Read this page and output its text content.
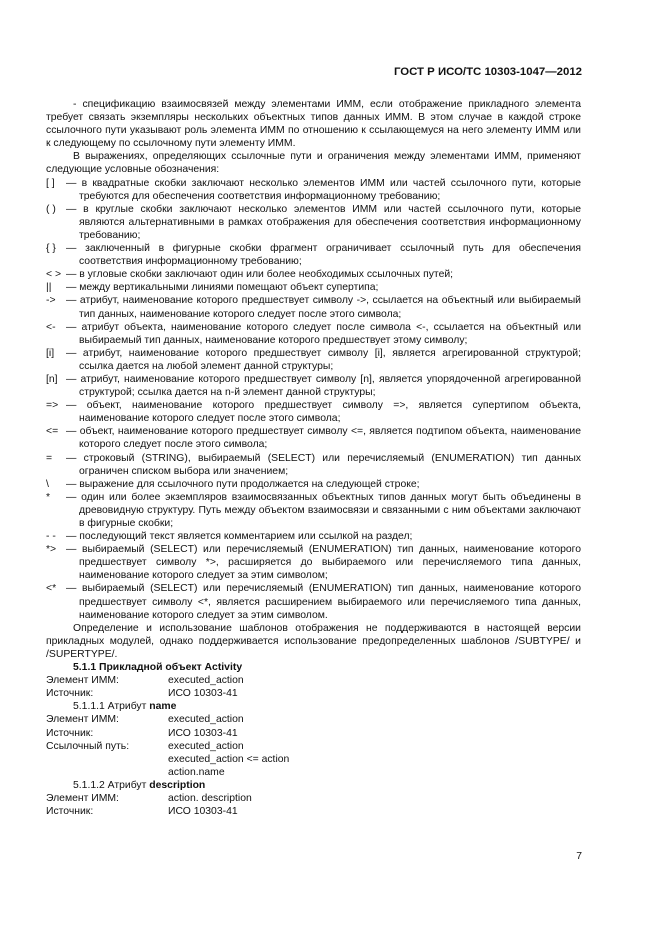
ГОСТ Р ИСО/ТС 10303-1047—2012

- спецификацию взаимосвязей между элементами ИММ, если отображение прикладного элемента требует связать экземпляры нескольких объектных типов данных ИММ. В этом случае в каждой строке ссылочного пути указывают роль элемента ИММ по отношению к ссылающемуся на него элементу ИММ или к следующему по ссылочному пути элементу ИММ.

В выражениях, определяющих ссылочные пути и ограничения между элементами ИММ, применяют следующие условные обозначения:

[ ]	— в квадратные скобки заключают несколько элементов ИММ или частей ссылочного пути, которые требуются для обеспечения соответствия информационному требованию;
( ) — в круглые скобки заключают несколько элементов ИММ или частей ссылочного пути, которые являются альтернативными в рамках отображения для обеспечения соответствия информационному требованию;
{ } — заключенный в фигурные скобки фрагмент ограничивает ссылочный путь для обеспечения соответствия информационному требованию;
< > — в угловые скобки заключают один или более необходимых ссылочных путей;
||	— между вертикальными линиями помещают объект супертипа;
->	— атрибут, наименование которого предшествует символу ->, ссылается на объектный или выбираемый тип данных, наименование которого следует после этого символа;
<-	— атрибут объекта, наименование которого следует после символа <-, ссылается на объектный или выбираемый тип данных, наименование которого предшествует этому символу;
[i]	— атрибут, наименование которого предшествует символу [i], является агрегированной структурой; ссылка дается на любой элемент данной структуры;
[n] — атрибут, наименование которого предшествует символу [n], является упорядоченной агрегированной структурой; ссылка дается на n-й элемент данной структуры;
=> — объект, наименование которого предшествует символу =>, является супертипом объекта, наименование которого следует после этого символа;
<= — объект, наименование которого предшествует символу <=, является подтипом объекта, наименование которого следует после этого символа;
=	— строковый (STRING), выбираемый (SELECT) или перечисляемый (ENUMERATION) тип данных ограничен списком выбора или значением;
\	— выражение для ссылочного пути продолжается на следующей строке;
*	— один или более экземпляров взаимосвязанных объектных типов данных могут быть объединены в древовидную структуру. Путь между объектом взаимосвязи и связанными с ним объектами заключают в фигурные скобки;
- - — последующий текст является комментарием или ссылкой на раздел;
*> — выбираемый (SELECT) или перечисляемый (ENUMERATION) тип данных, наименование которого предшествует символу *>, расширяется до выбираемого или перечисляемого типа данных, наименование которого следует за этим символом;
<* — выбираемый (SELECT) или перечисляемый (ENUMERATION) тип данных, наименование которого предшествует символу <*, является расширением выбираемого или перечисляемого типа данных, наименование которого следует за этим символом.

Определение и использование шаблонов отображения не поддерживаются в настоящей версии прикладных модулей, однако поддерживается использование предопределенных шаблонов /SUBTYPE/ и /SUPERTYPE/.

5.1.1 Прикладной объект Activity
Элемент ИММ:	executed_action
Источник:	ИСО 10303-41
5.1.1.1 Атрибут name
Элемент ИММ:	executed_action
Источник:	ИСО 10303-41
Ссылочный путь:	executed_action
executed_action <= action
action.name
5.1.1.2 Атрибут description
Элемент ИММ:	action. description
Источник:	ИСО 10303-41
7
